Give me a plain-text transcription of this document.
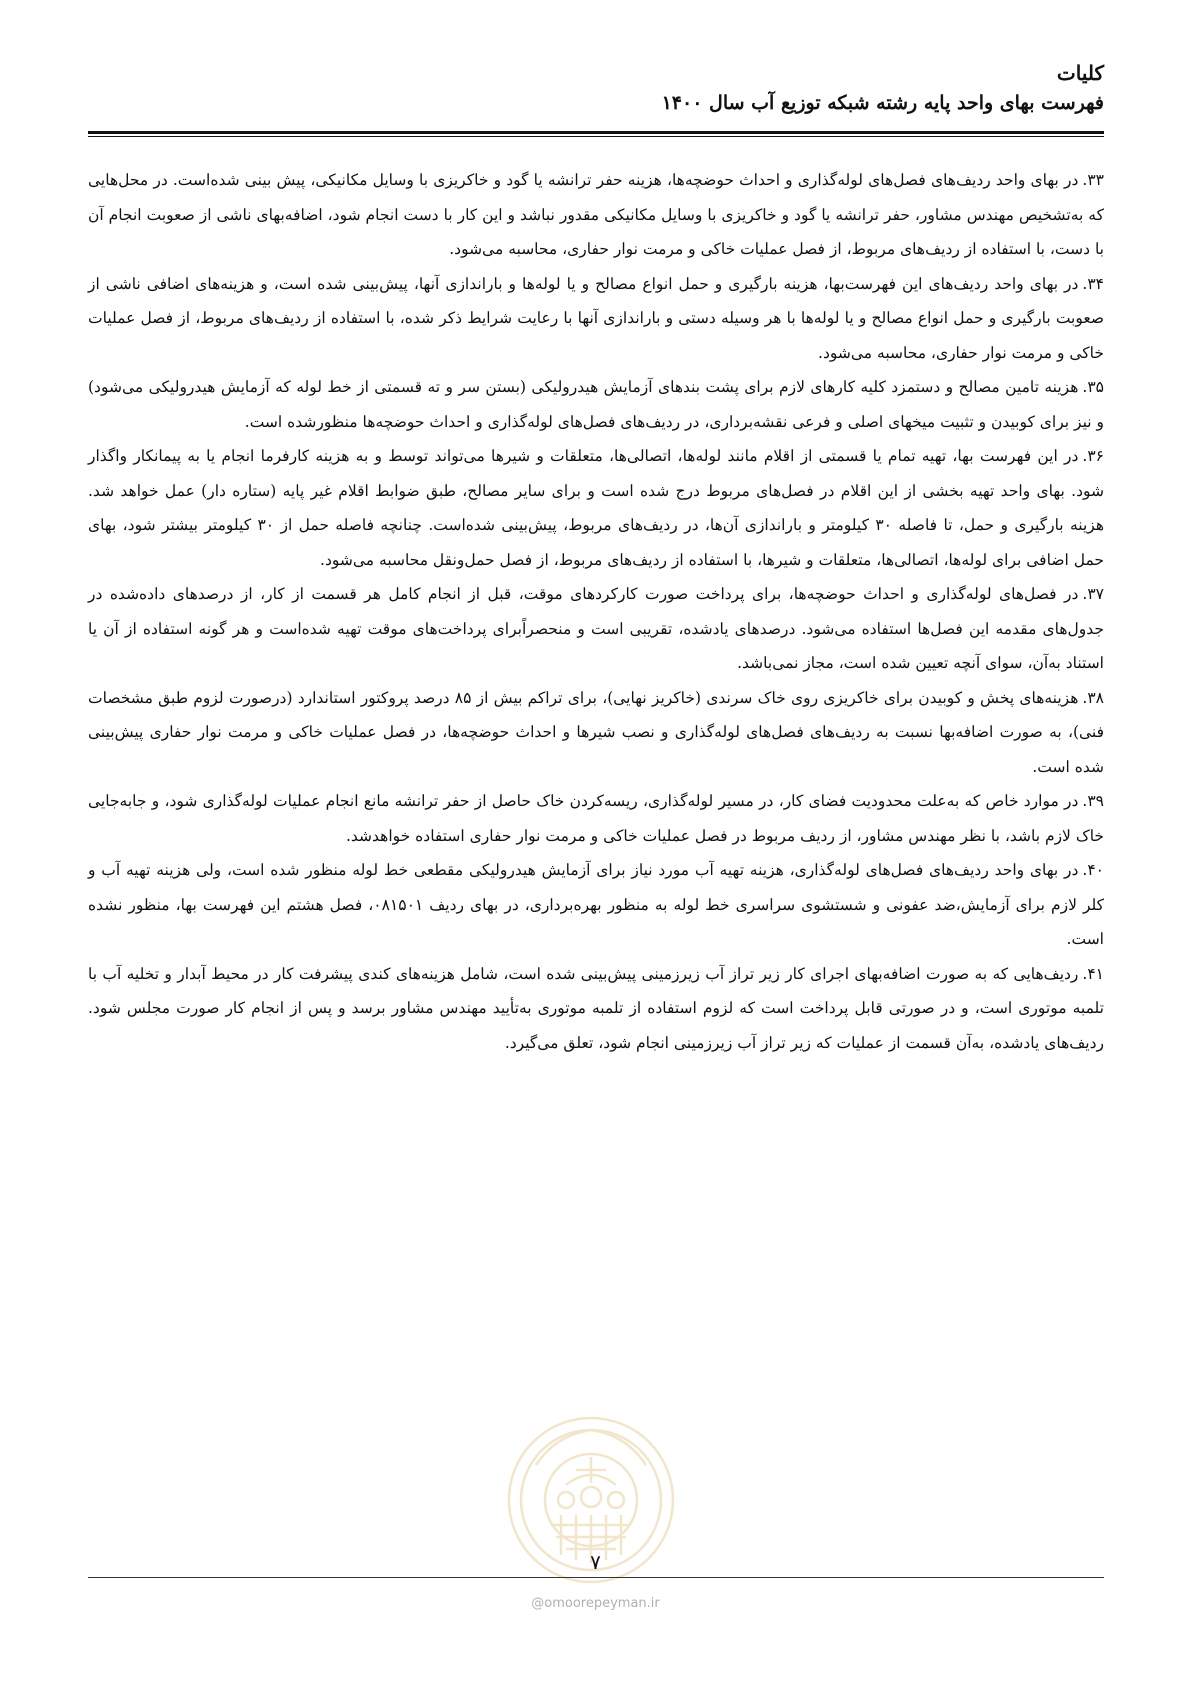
کلیات
فهرست بهای واحد پایه رشته شبکه توزیع آب سال ۱۴۰۰

۳۳.در بهای واحد ردیف‌های فصل‌های لوله‌گذاری و احداث حوضچه‌ها، هزینه حفر ترانشه یا گود و خاکریزی با وسایل مکانیکی، پیش بینی شده‌است. در محل‌هایی که به‌تشخیص مهندس مشاور، حفر ترانشه یا گود و خاکریزی با وسایل مکانیکی مقدور نباشد و این کار با دست انجام شود، اضافه‌بهای ناشی از صعوبت انجام آن با دست، با استفاده از ردیف‌های مربوط، از فصل عملیات خاکی و مرمت نوار حفاری، محاسبه می‌شود.

۳۴.در بهای واحد ردیف‌های این فهرست‌بها، هزینه بارگیری و حمل انواع مصالح و یا لوله‌ها و باراندازی آنها، پیش‌بینی شده است، و هزینه‌های اضافی ناشی از صعوبت بارگیری و حمل انواع مصالح و یا لوله‌ها با هر وسیله دستی و باراندازی آنها با رعایت شرایط ذکر شده، با استفاده از ردیف‌های مربوط، از فصل عملیات خاکی و مرمت نوار حفاری، محاسبه می‌شود.

۳۵.هزینه تامین مصالح و دستمزد کلیه کارهای لازم برای پشت بندهای آزمایش هیدرولیکی (بستن سر و ته قسمتی از خط لوله که آزمایش هیدرولیکی می‌شود) و نیز برای کوبیدن و تثبیت میخهای اصلی و فرعی نقشه‌برداری، در ردیف‌های فصل‌های لوله‌گذاری و احداث حوضچه‌ها منظورشده است.

۳۶.در این فهرست بها، تهیه تمام یا قسمتی از اقلام مانند لوله‌ها، اتصالی‌ها، متعلقات و شیرها می‌تواند توسط و به هزینه کارفرما انجام یا به پیمانکار واگذار شود. بهای واحد تهیه بخشی از این اقلام در فصل‌های مربوط درج شده است و برای سایر مصالح، طبق ضوابط اقلام غیر پایه (ستاره دار) عمل خواهد شد. هزینه بارگیری و حمل، تا فاصله ۳۰ کیلومتر و باراندازی آن‌ها، در ردیف‌های مربوط، پیش‌بینی شده‌است. چنانچه فاصله حمل از ۳۰ کیلومتر بیشتر شود، بهای حمل اضافی برای لوله‌ها، اتصالی‌ها، متعلقات و شیرها، با استفاده از ردیف‌های مربوط، از فصل حمل‌ونقل محاسبه می‌شود.

۳۷.در فصل‌های لوله‌گذاری و احداث حوضچه‌ها، برای پرداخت صورت کارکردهای موقت، قبل از انجام کامل هر قسمت از کار، از درصدهای داده‌شده در جدول‌های مقدمه این فصل‌ها استفاده می‌شود. درصدهای یادشده، تقریبی است و منحصراًبرای پرداخت‌های موقت تهیه شده‌است و هر گونه استفاده از آن یا استناد به‌آن، سوای آنچه تعیین شده است، مجاز نمی‌باشد.

۳۸.هزینه‌های پخش و کوبیدن برای خاکریزی روی خاک سرندی (خاکریز نهایی)، برای تراکم بیش از ۸۵ درصد پروکتور استاندارد (درصورت لزوم طبق مشخصات فنی)، به صورت اضافه‌بها نسبت به ردیف‌های فصل‌های لوله‌گذاری و نصب شیرها و احداث حوضچه‌ها، در فصل عملیات خاکی و مرمت نوار حفاری پیش‌بینی شده است.

۳۹.در موارد خاص که به‌علت محدودیت فضای کار، در مسیر لوله‌گذاری، ریسه‌کردن خاک حاصل از حفر ترانشه مانع انجام عملیات لوله‌گذاری شود، و جابه‌جایی خاک لازم باشد، با نظر مهندس مشاور، از ردیف مربوط در فصل عملیات خاکی و مرمت نوار حفاری استفاده خواهدشد.

۴۰.در بهای واحد ردیف‌های فصل‌های لوله‌گذاری، هزینه تهیه آب مورد نیاز برای آزمایش هیدرولیکی مقطعی خط لوله منظور شده است، ولی هزینه تهیه آب و کلر لازم برای آزمایش،ضد عفونی و شستشوی سراسری خط لوله به منظور بهره‌برداری، در بهای ردیف ۰۸۱۵۰۱، فصل هشتم این فهرست بها، منظور نشده است.

۴۱.ردیف‌هایی که به صورت اضافه‌بهای اجرای کار زیر تراز آب زیرزمینی پیش‌بینی شده است، شامل هزینه‌های کندی پیشرفت کار در محیط آبدار و تخلیه آب با تلمبه موتوری است، و در صورتی قابل پرداخت است که لزوم استفاده از تلمبه موتوری به‌تأیید مهندس مشاور برسد و پس از انجام کار صورت مجلس شود. ردیف‌های یادشده، به‌آن قسمت از عملیات که زیر تراز آب زیرزمینی انجام شود، تعلق می‌گیرد.

۷
@omoorepeyman.ir
